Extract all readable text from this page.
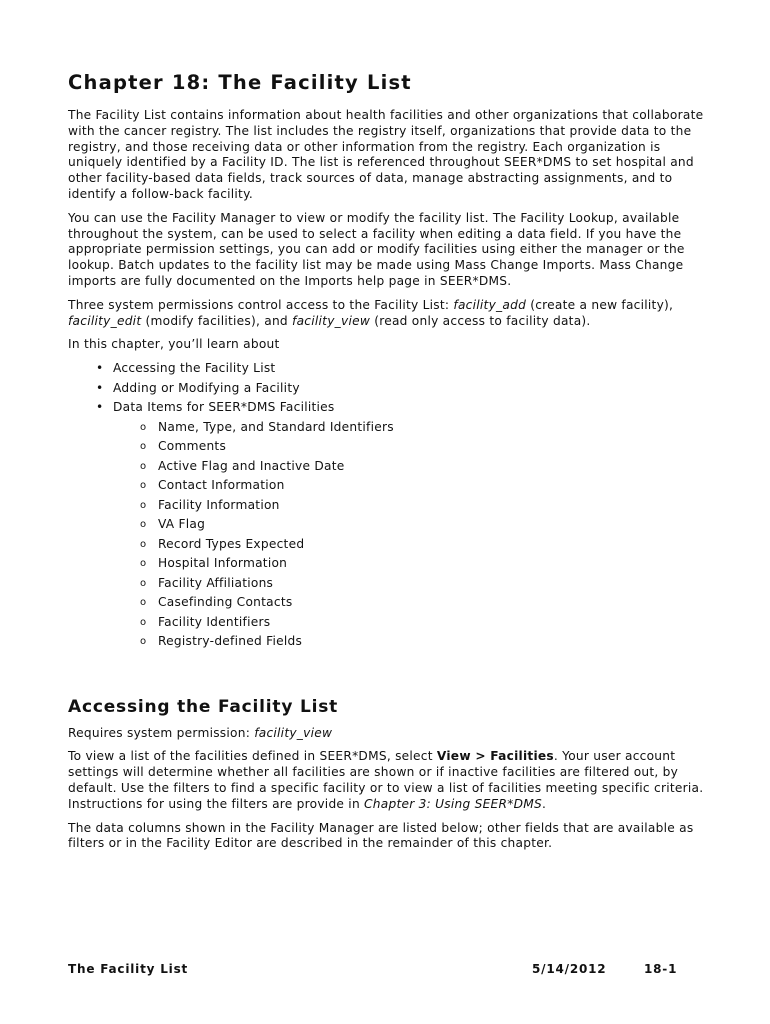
Chapter 18: The Facility List

The Facility List contains information about health facilities and other organizations that collaborate with the cancer registry. The list includes the registry itself, organizations that provide data to the registry, and those receiving data or other information from the registry. Each organization is uniquely identified by a Facility ID. The list is referenced throughout SEER*DMS to set hospital and other facility-based data fields, track sources of data, manage abstracting assignments, and to identify a follow-back facility.

You can use the Facility Manager to view or modify the facility list. The Facility Lookup, available throughout the system, can be used to select a facility when editing a data field. If you have the appropriate permission settings, you can add or modify facilities using either the manager or the lookup. Batch updates to the facility list may be made using Mass Change Imports. Mass Change imports are fully documented on the Imports help page in SEER*DMS.

Three system permissions control access to the Facility List: facility_add (create a new facility), facility_edit (modify facilities), and facility_view (read only access to facility data).

In this chapter, you’ll learn about

• Accessing the Facility List
• Adding or Modifying a Facility
• Data Items for SEER*DMS Facilities
o Name, Type, and Standard Identifiers
o Comments
o Active Flag and Inactive Date
o Contact Information
o Facility Information
o VA Flag
o Record Types Expected
o Hospital Information
o Facility Affiliations
o Casefinding Contacts
o Facility Identifiers
o Registry-defined Fields
Accessing the Facility List

Requires system permission: facility_view

To view a list of the facilities defined in SEER*DMS, select View > Facilities. Your user account settings will determine whether all facilities are shown or if inactive facilities are filtered out, by default. Use the filters to find a specific facility or to view a list of facilities meeting specific criteria. Instructions for using the filters are provide in Chapter 3: Using SEER*DMS.

The data columns shown in the Facility Manager are listed below; other fields that are available as filters or in the Facility Editor are described in the remainder of this chapter.

The Facility List	5/14/2012	18-1
